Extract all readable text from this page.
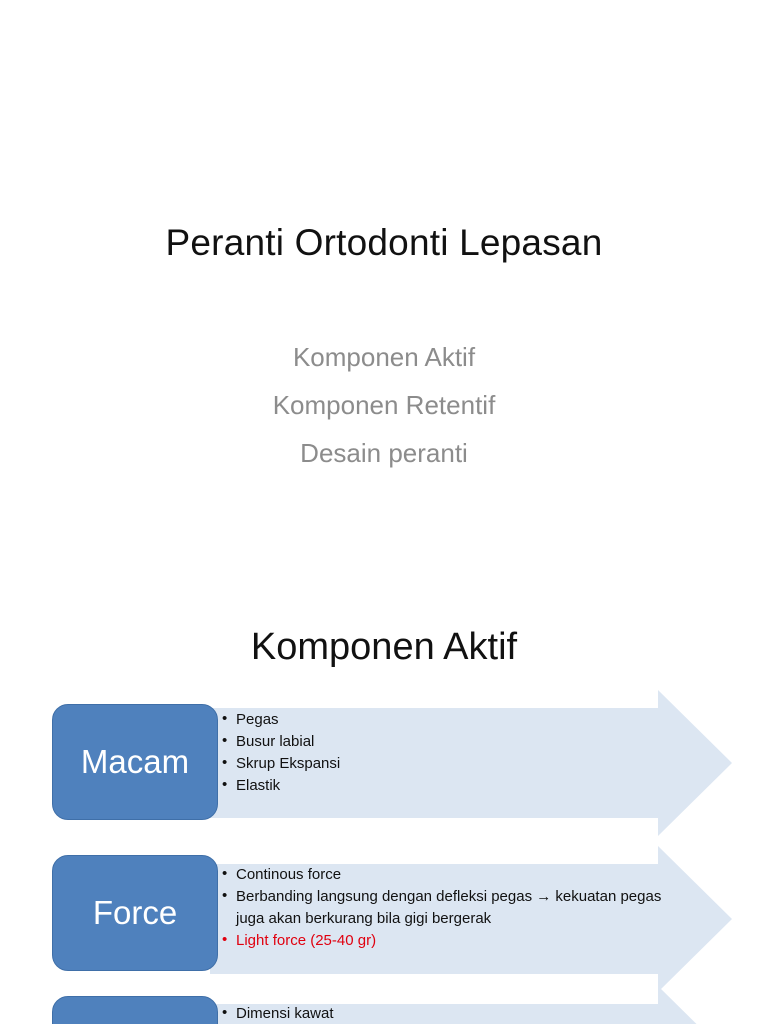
Peranti Ortodonti Lepasan
Komponen Aktif
Komponen Retentif
Desain peranti
Komponen Aktif
Macam
• Pegas
• Busur labial
• Skrup Ekspansi
• Elastik
Force
• Continous force
• Berbanding langsung dengan defleksi pegas → kekuatan pegas juga akan berkurang bila gigi bergerak
• Light force (25-40 gr)
• Dimensi kawat
